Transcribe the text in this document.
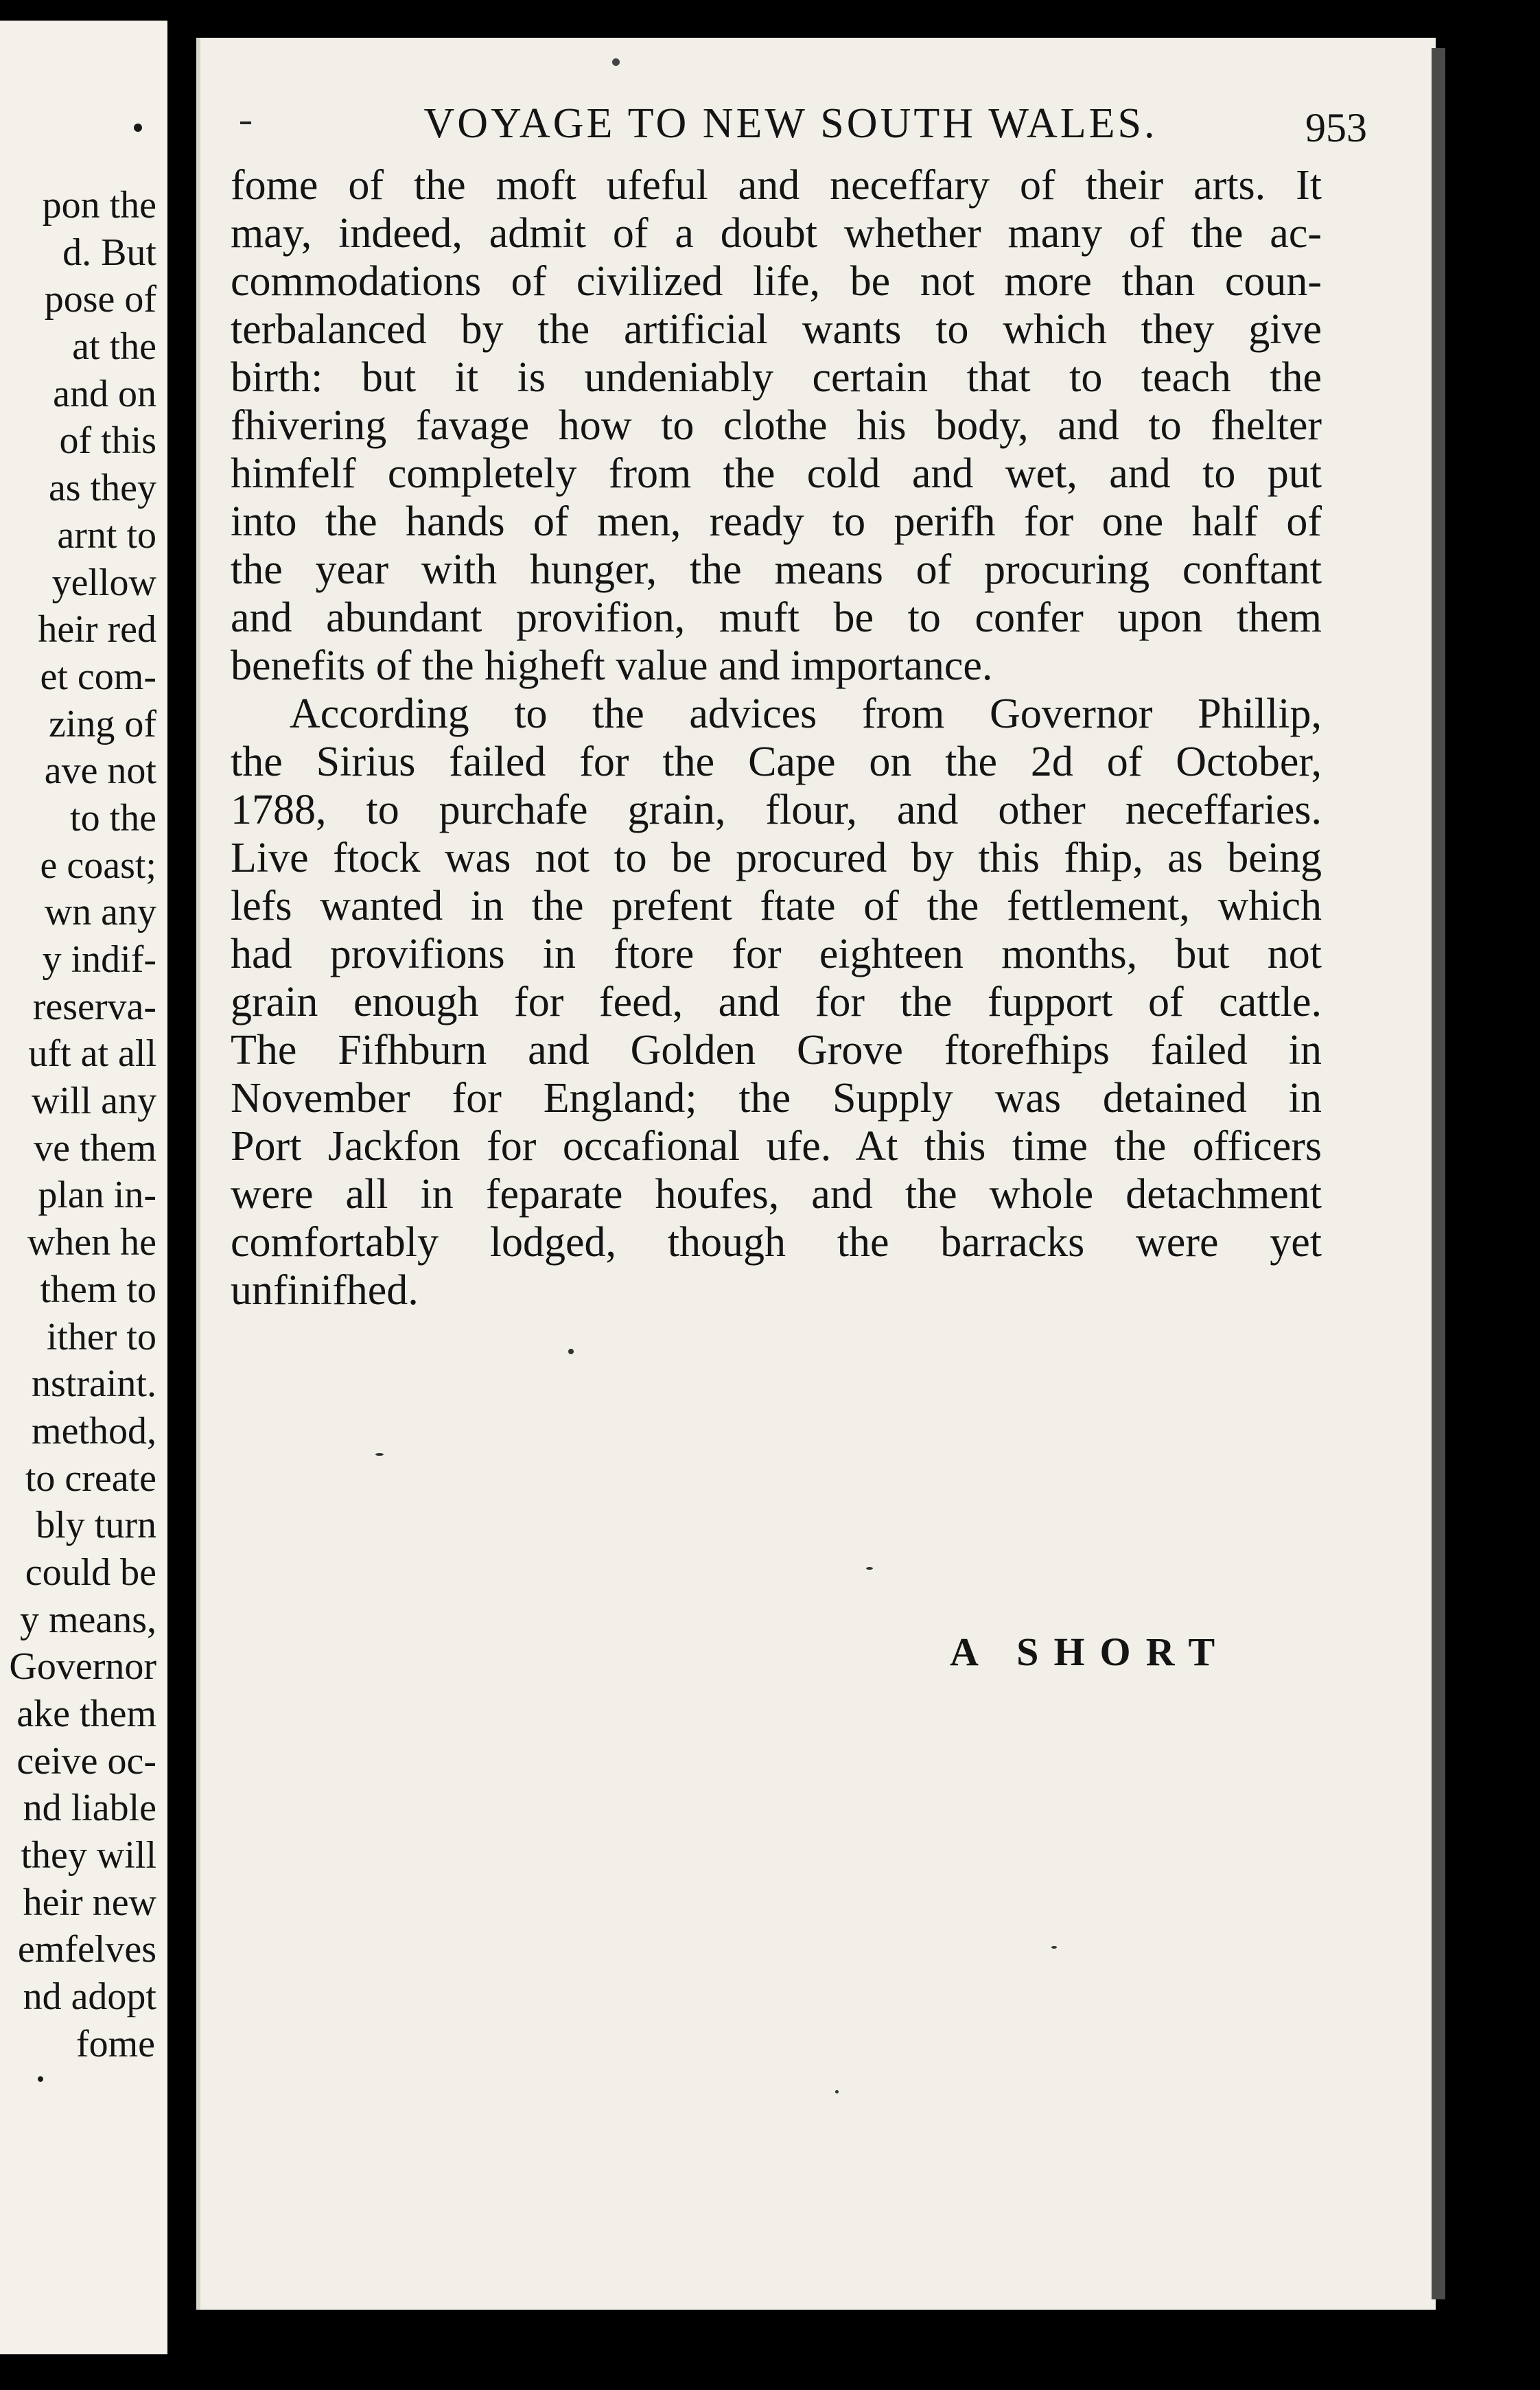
pon the
d. But
pose of
at the
and on
of this
as they
arnt to
yellow
heir red
et com-
zing of
ave not
to the
e coast;
wn any
y indif-
reserva-
uft at all
will any
ve them
plan in-
when he
them to
ither to
nstraint.
method,
to create
bly turn
could be
y means,
Governor
ake them
ceive oc-
nd liable
they will
heir new
emfelves
nd adopt
fome
VOYAGE TO NEW SOUTH WALES.	953
fome of the moft ufeful and neceffary of their arts. It
may, indeed, admit of a doubt whether many of the ac-
commodations of civilized life, be not more than coun-
terbalanced by the artificial wants to which they give
birth: but it is undeniably certain that to teach the
fhivering favage how to clothe his body, and to fhelter
himfelf completely from the cold and wet, and to put
into the hands of men, ready to perifh for one half of
the year with hunger, the means of procuring conftant
and abundant provifion, muft be to confer upon them
benefits of the higheft value and importance.
According to the advices from Governor Phillip,
the Sirius failed for the Cape on the 2d of October,
1788, to purchafe grain, flour, and other neceffaries.
Live ftock was not to be procured by this fhip, as being
lefs wanted in the prefent ftate of the fettlement, which
had provifions in ftore for eighteen months, but not
grain enough for feed, and for the fupport of cattle.
The Fifhburn and Golden Grove ftorefhips failed in
November for England; the Supply was detained in
Port Jackfon for occafional ufe. At this time the officers
were all in feparate houfes, and the whole detachment
comfortably lodged, though the barracks were yet
unfinifhed.
A SHORT
